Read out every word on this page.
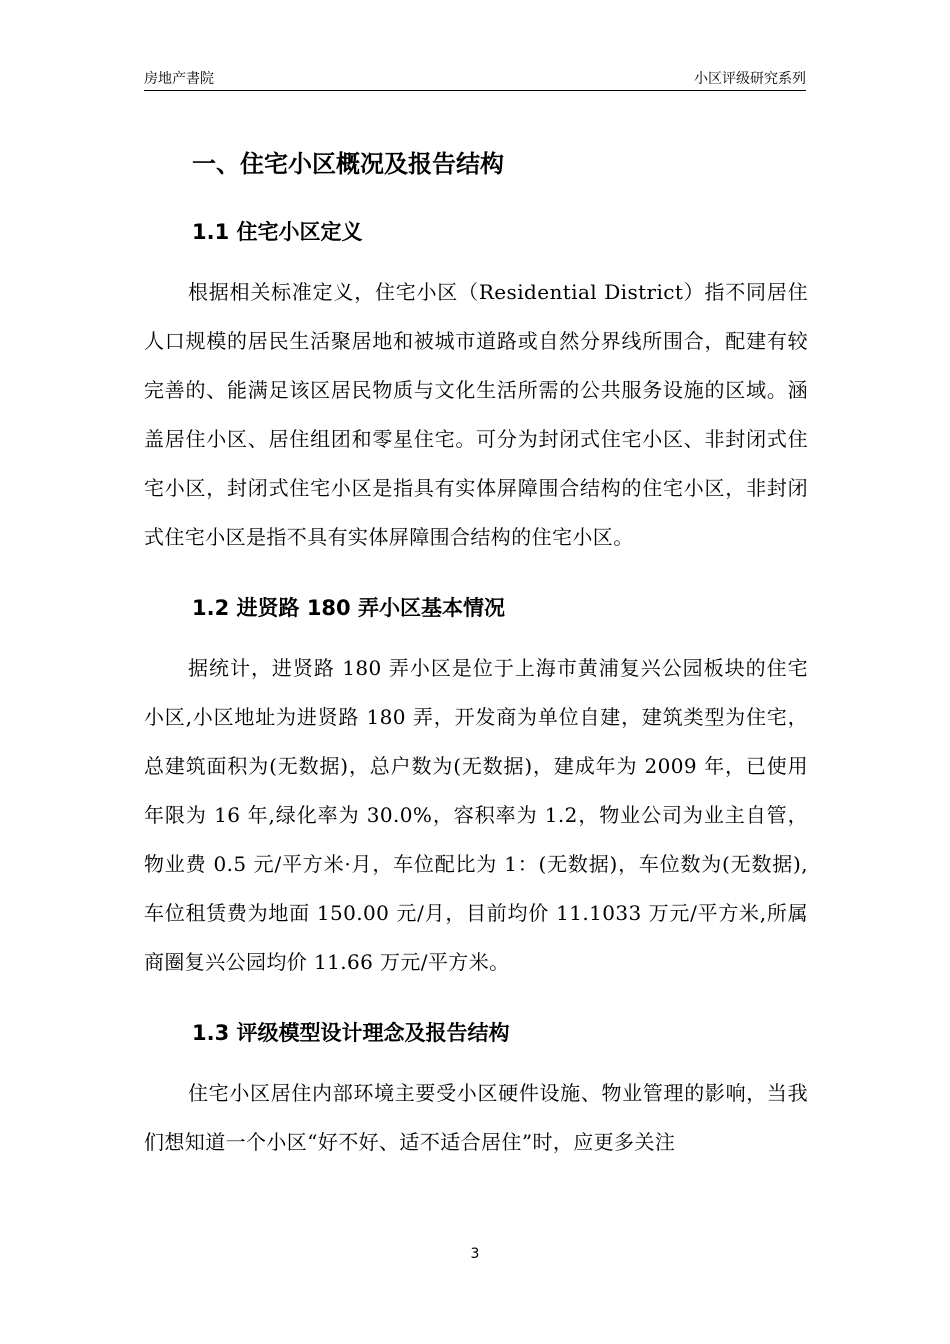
房地产書院	小区评级研究系列
一、住宅小区概况及报告结构
1.1 住宅小区定义

根据相关标准定义，住宅小区（Residential District）指不同居住人口规模的居民生活聚居地和被城市道路或自然分界线所围合，配建有较完善的、能满足该区居民物质与文化生活所需的公共服务设施的区域。涵盖居住小区、居住组团和零星住宅。可分为封闭式住宅小区、非封闭式住宅小区，封闭式住宅小区是指具有实体屏障围合结构的住宅小区，非封闭式住宅小区是指不具有实体屏障围合结构的住宅小区。

1.2 进贤路 180 弄小区基本情况

据统计，进贤路 180 弄小区是位于上海市黄浦复兴公园板块的住宅小区,小区地址为进贤路 180 弄，开发商为单位自建，建筑类型为住宅，总建筑面积为(无数据)，总户数为(无数据)，建成年为 2009 年，已使用年限为 16 年,绿化率为 30.0%，容积率为 1.2，物业公司为业主自管，物业费 0.5 元/平方米·月，车位配比为 1：(无数据)，车位数为(无数据),车位租赁费为地面 150.00 元/月，目前均价 11.1033 万元/平方米,所属商圈复兴公园均价 11.66 万元/平方米。

1.3 评级模型设计理念及报告结构

住宅小区居住内部环境主要受小区硬件设施、物业管理的影响，当我们想知道一个小区“好不好、适不适合居住”时，应更多关注

3
